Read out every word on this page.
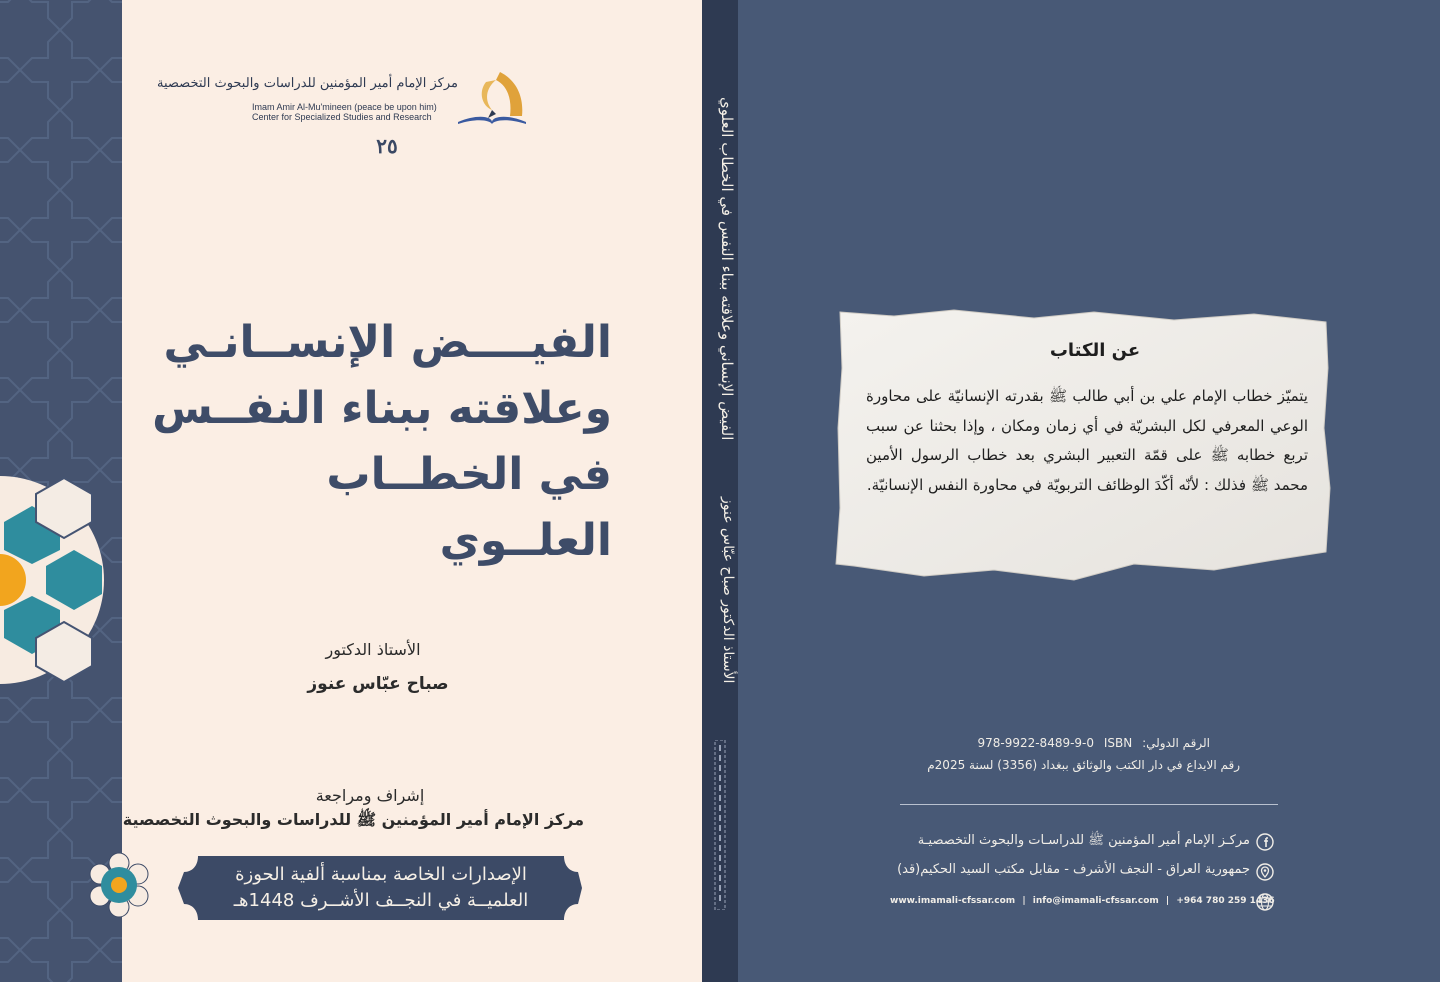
مركز الإمام أمير المؤمنين للدراسات والبحوث التخصصية
Imam Amir Al-Mu'mineen (peace be upon him)
Center for Specialized Studies and Research
٢٥
الفيــــض الإنســانـي
وعلاقته ببناء النفــس
في الخطــاب العلــوي
الأستاذ الدكتور
صباح عبّاس عنوز
إشراف ومراجعة
مركز الإمام أمير المؤمنين ﷺ للدراسات والبحوث التخصصية
الإصدارات الخاصة بمناسبة ألفية الحوزة
العلميــة في النجــف الأشــرف 1448هـ
الفيض الإنساني وعلاقته ببناء النفس في الخطاب العلوي
الأستاذ الدكتور صباح عبّاس عنوز
عن الكتاب
يتميّز خطاب الإمام علي بن أبي طالب ﷺ بقدرته الإنسانيّة على محاورة الوعي المعرفي لكل البشريّة في أي زمان ومكان ، وإذا بحثنا عن سبب تربع خطابه ﷺ على قمّة التعبير البشري بعد خطاب الرسول الأمين محمد ﷺ فذلك : لأنّه أكّدَ الوظائف التربويّة في محاورة النفس الإنسانيّة.
الرقم الدولي: 978-9922-8489-9-0 ISBN
رقم الايداع في دار الكتب والوثائق ببغداد (3356) لسنة 2025م
مركـز الإمام أمير المؤمنين ﷺ للدراسـات والبحوث التخصصيـة
جمهورية العراق - النجف الأشرف - مقابل مكتب السيد الحكيم(قد)
www.imamali-cfssar.com | info@imamali-cfssar.com | +964 780 259 1436
